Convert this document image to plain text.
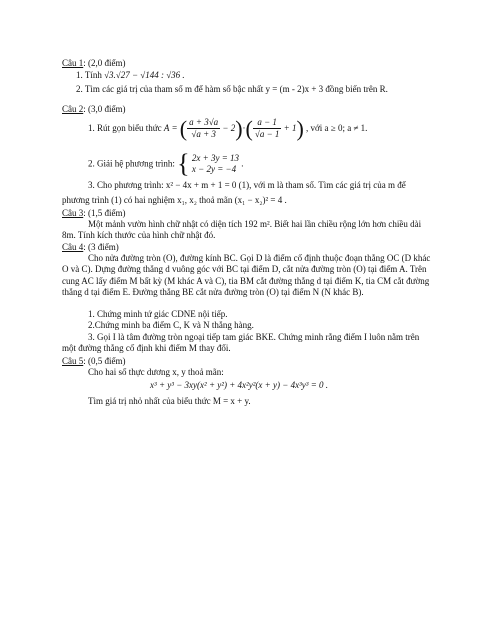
Câu 1: (2,0 điểm)
1. Tính √3.√27 − √144 : √36 .
2. Tìm các giá trị của tham số m để hàm số bậc nhất y = (m - 2)x + 3 đồng biến trên R.
Câu 2: (3,0 điểm)
1. Rút gọn biểu thức A = ( $\frac{a + 3√a}{√a + 3} - 2)\cdot( \frac{a - 1}{√a - 1} + 1)$ , với a ≥ 0; a ≠ 1.
2. Giải hệ phương trình: { 2x + 3y = 13
x − 2y = −4
.
3. Cho phương trình: x² − 4x + m + 1 = 0 (1), với m là tham số. Tìm các giá trị của m để
phương trình (1) có hai nghiệm x₁, x₂ thoả mãn (x₁ − x₂)² = 4 .
Câu 3: (1,5 điểm)
Một mảnh vườn hình chữ nhật có diện tích 192 m². Biết hai lần chiều rộng lớn hơn chiều dài 8m. Tính kích thước của hình chữ nhật đó.
Câu 4: (3 điểm)
Cho nửa đường tròn (O), đường kính BC. Gọi D là điểm cố định thuộc đoạn thẳng OC (D khác O và C). Dựng đường thẳng d vuông góc với BC tại điểm D, cắt nửa đường tròn (O) tại điểm A. Trên cung AC lấy điểm M bất kỳ (M khác A và C), tia BM cắt đường thẳng d tại điểm K, tia CM cắt đường thẳng d tại điểm E. Đường thẳng BE cắt nửa đường tròn (O) tại điểm N (N khác B).
1. Chứng minh tứ giác CDNE nội tiếp.
2.Chứng minh ba điểm C, K và N thẳng hàng.
3. Gọi I là tâm đường tròn ngoại tiếp tam giác BKE. Chứng minh rằng điểm I luôn nằm trên một đường thẳng cố định khi điểm M thay đổi.
Câu 5: (0,5 điểm)
Cho hai số thực dương x, y thoả mãn:
x³ + y³ − 3xy(x² + y²) + 4x²y²(x + y) − 4x³y³ = 0 .
Tìm giá trị nhỏ nhất của biểu thức M = x + y.
